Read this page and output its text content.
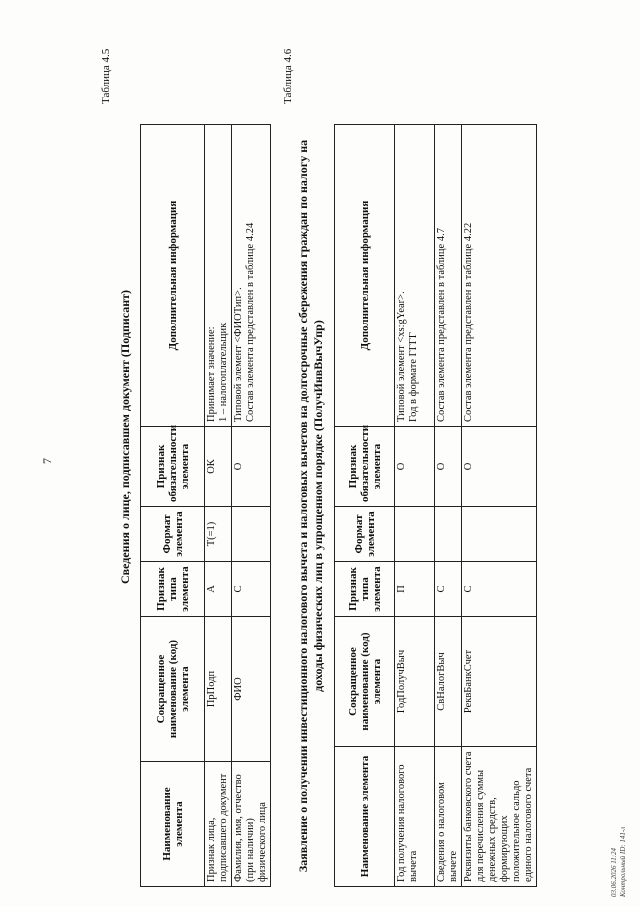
7
Таблица 4.5
Сведения о лице, подписавшем документ (Подписант)
Наименование элемента	Сокращенное наименование (код) элемента	Признак типа элемента	Формат элемента	Признак обязательности элемента	Дополнительная информация
Признак лица, подписавшего документ	ПрПодп	А	Т(=1)	ОК	Принимает значение:
1 – налогоплательщик
Фамилия, имя, отчество (при наличии) физического лица	ФИО	С		О	Типовой элемент <ФИОТип>.
Состав элемента представлен в таблице 4.24
Таблица 4.6
Заявление о получении инвестиционного налогового вычета и налоговых вычетов на долгосрочные сбережения граждан по налогу на доходы физических лиц в упрощенном порядке (ПолучИнвВычУпр)
Наименование элемента	Сокращенное наименование (код) элемента	Признак типа элемента	Формат элемента	Признак обязательности элемента	Дополнительная информация
Год получения налогового вычета	ГодПолучВыч	П		О	Типовой элемент <xs:gYear>.
Год в формате ГГГГ
Сведения о налоговом вычете	СвНалогВыч	С		О	Состав элемента представлен в таблице 4.7
Реквизиты банковского счета для перечисления суммы денежных средств, формирующих положительное сальдо единого налогового счета	РеквБанкСчет	С		О	Состав элемента представлен в таблице 4.22
03.06.2026 11:24 Контрольный ID: 141-л
